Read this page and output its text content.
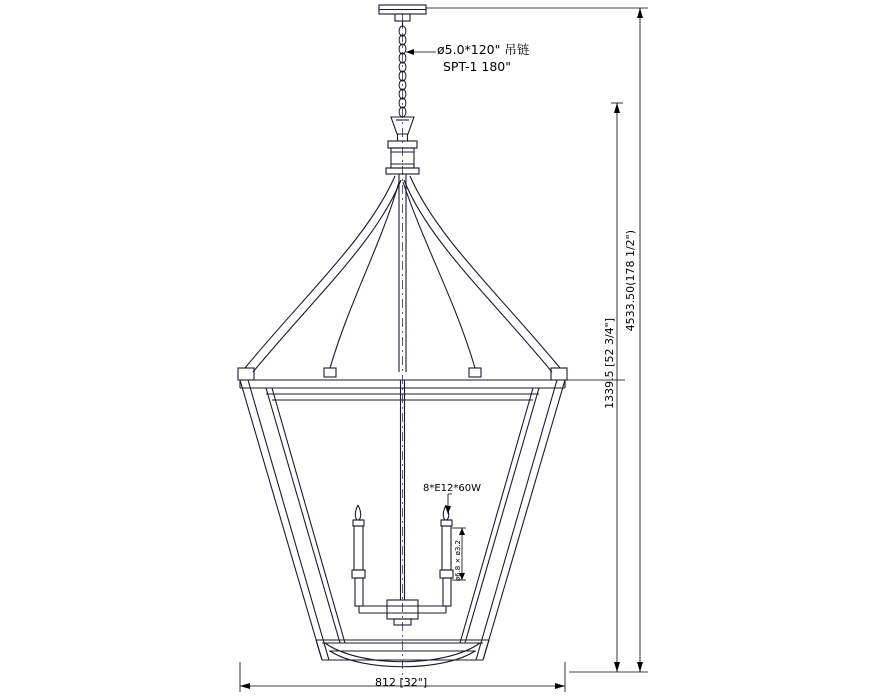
ø5.0*120" 吊链
SPT-1 180"
4533.50(178 1/2")
1339.5 [52 3/4"]
8*E12*60W
ø6.8 × ø3.2
812 [32"]
